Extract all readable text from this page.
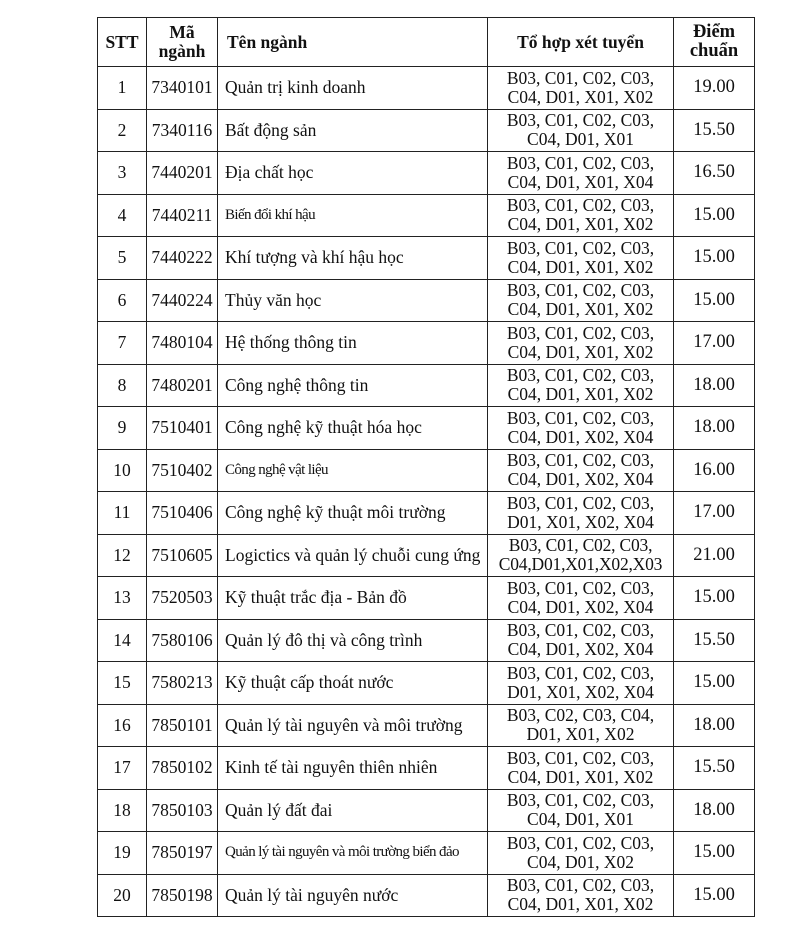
STT	Mã ngành	Tên ngành	Tổ hợp xét tuyển	Điểm chuẩn
1	7340101	Quản trị kinh doanh	B03, C01, C02, C03, C04, D01, X01, X02	19.00
2	7340116	Bất động sản	B03, C01, C02, C03, C04, D01, X01	15.50
3	7440201	Địa chất học	B03, C01, C02, C03, C04, D01, X01, X04	16.50
4	7440211	Biến đổi khí hậu	B03, C01, C02, C03, C04, D01, X01, X02	15.00
5	7440222	Khí tượng và khí hậu học	B03, C01, C02, C03, C04, D01, X01, X02	15.00
6	7440224	Thủy văn học	B03, C01, C02, C03, C04, D01, X01, X02	15.00
7	7480104	Hệ thống thông tin	B03, C01, C02, C03, C04, D01, X01, X02	17.00
8	7480201	Công nghệ thông tin	B03, C01, C02, C03, C04, D01, X01, X02	18.00
9	7510401	Công nghệ kỹ thuật hóa học	B03, C01, C02, C03, C04, D01, X02, X04	18.00
10	7510402	Công nghệ vật liệu	B03, C01, C02, C03, C04, D01, X02, X04	16.00
11	7510406	Công nghệ kỹ thuật môi trường	B03, C01, C02, C03, D01, X01, X02, X04	17.00
12	7510605	Logictics và quản lý chuỗi cung ứng	B03, C01, C02, C03, C04,D01,X01,X02,X03	21.00
13	7520503	Kỹ thuật trắc địa - Bản đồ	B03, C01, C02, C03, C04, D01, X02, X04	15.00
14	7580106	Quản lý đô thị và công trình	B03, C01, C02, C03, C04, D01, X02, X04	15.50
15	7580213	Kỹ thuật cấp thoát nước	B03, C01, C02, C03, D01, X01, X02, X04	15.00
16	7850101	Quản lý tài nguyên và môi trường	B03, C02, C03, C04, D01, X01, X02	18.00
17	7850102	Kinh tế tài nguyên thiên nhiên	B03, C01, C02, C03, C04, D01, X01, X02	15.50
18	7850103	Quản lý đất đai	B03, C01, C02, C03, C04, D01, X01	18.00
19	7850197	Quản lý tài nguyên và môi trường biển đảo	B03, C01, C02, C03, C04, D01, X02	15.00
20	7850198	Quản lý tài nguyên nước	B03, C01, C02, C03, C04, D01, X01, X02	15.00
